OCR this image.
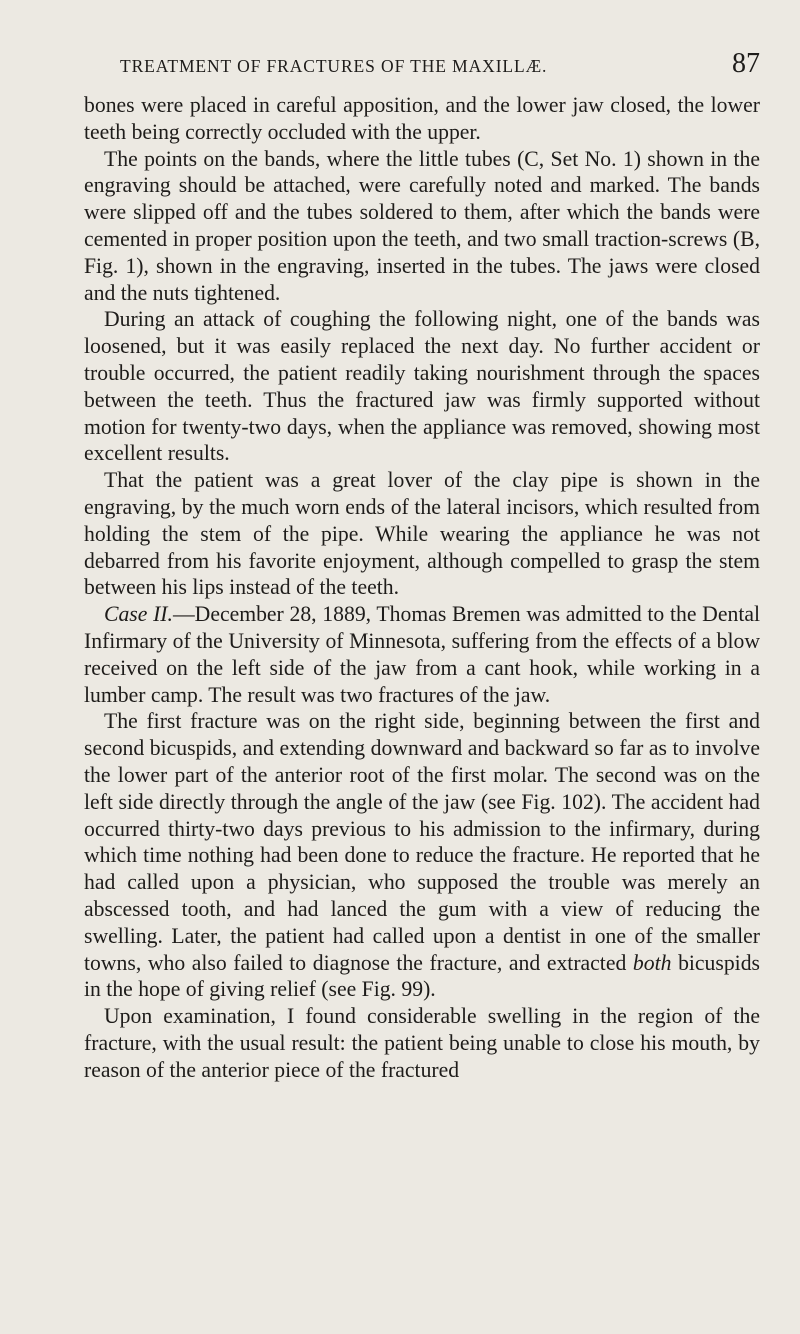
TREATMENT OF FRACTURES OF THE MAXILLÆ.	87

bones were placed in careful apposition, and the lower jaw closed, the lower teeth being correctly occluded with the upper.

The points on the bands, where the little tubes (C, Set No. 1) shown in the engraving should be attached, were carefully noted and marked. The bands were slipped off and the tubes soldered to them, after which the bands were cemented in proper position upon the teeth, and two small traction-screws (B, Fig. 1), shown in the engraving, inserted in the tubes. The jaws were closed and the nuts tightened.

During an attack of coughing the following night, one of the bands was loosened, but it was easily replaced the next day. No further accident or trouble occurred, the patient readily taking nourishment through the spaces between the teeth. Thus the fractured jaw was firmly supported without motion for twenty-two days, when the appliance was removed, showing most excellent results.

That the patient was a great lover of the clay pipe is shown in the engraving, by the much worn ends of the lateral incisors, which resulted from holding the stem of the pipe. While wearing the appliance he was not debarred from his favorite enjoyment, although compelled to grasp the stem between his lips instead of the teeth.

Case II.—December 28, 1889, Thomas Bremen was admitted to the Dental Infirmary of the University of Minnesota, suffering from the effects of a blow received on the left side of the jaw from a cant hook, while working in a lumber camp. The result was two fractures of the jaw.

The first fracture was on the right side, beginning between the first and second bicuspids, and extending downward and backward so far as to involve the lower part of the anterior root of the first molar. The second was on the left side directly through the angle of the jaw (see Fig. 102). The accident had occurred thirty-two days previous to his admission to the infirmary, during which time nothing had been done to reduce the fracture. He reported that he had called upon a physician, who supposed the trouble was merely an abscessed tooth, and had lanced the gum with a view of reducing the swelling. Later, the patient had called upon a dentist in one of the smaller towns, who also failed to diagnose the fracture, and extracted both bicuspids in the hope of giving relief (see Fig. 99).

Upon examination, I found considerable swelling in the region of the fracture, with the usual result: the patient being unable to close his mouth, by reason of the anterior piece of the fractured
